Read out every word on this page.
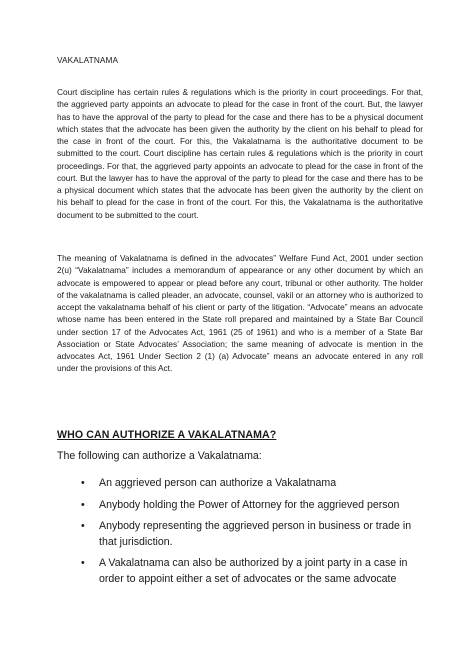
VAKALATNAMA

Court discipline has certain rules & regulations which is the priority in court proceedings. For that, the aggrieved party appoints an advocate to plead for the case in front of the court. But, the lawyer has to have the approval of the party to plead for the case and there has to be a physical document which states that the advocate has been given the authority by the client on his behalf to plead for the case in front of the court. For this, the Vakalatnama is the authoritative document to be submitted to the court. Court discipline has certain rules & regulations which is the priority in court proceedings. For that, the aggrieved party appoints an advocate to plead for the case in front of the court. But the lawyer has to have the approval of the party to plead for the case and there has to be a physical document which states that the advocate has been given the authority by the client on his behalf to plead for the case in front of the court. For this, the Vakalatnama is the authoritative document to be submitted to the court.

The meaning of Vakalatnama is defined in the advocates” Welfare Fund Act, 2001 under section 2(u) “Vakalatnama” includes a memorandum of appearance or any other document by which an advocate is empowered to appear or plead before any court, tribunal or other authority. The holder of the vakalatnama is called pleader, an advocate, counsel, vakil or an attorney who is authorized to accept the vakalatnama behalf of his client or party of the litigation. “Advocate” means an advocate whose name has been entered in the State roll prepared and maintained by a State Bar Council under section 17 of the Advocates Act, 1961 (25 of 1961) and who is a member of a State Bar Association or State Advocates’ Association; the same meaning of advocate is mention in the advocates Act, 1961 Under Section 2 (1) (a) Advocate” means an advocate entered in any roll under the provisions of this Act.

WHO CAN AUTHORIZE A VAKALATNAMA?

The following can authorize a Vakalatnama:

• An aggrieved person can authorize a Vakalatnama
• Anybody holding the Power of Attorney for the aggrieved person
• Anybody representing the aggrieved person in business or trade in that jurisdiction.
• A Vakalatnama can also be authorized by a joint party in a case in order to appoint either a set of advocates or the same advocate
